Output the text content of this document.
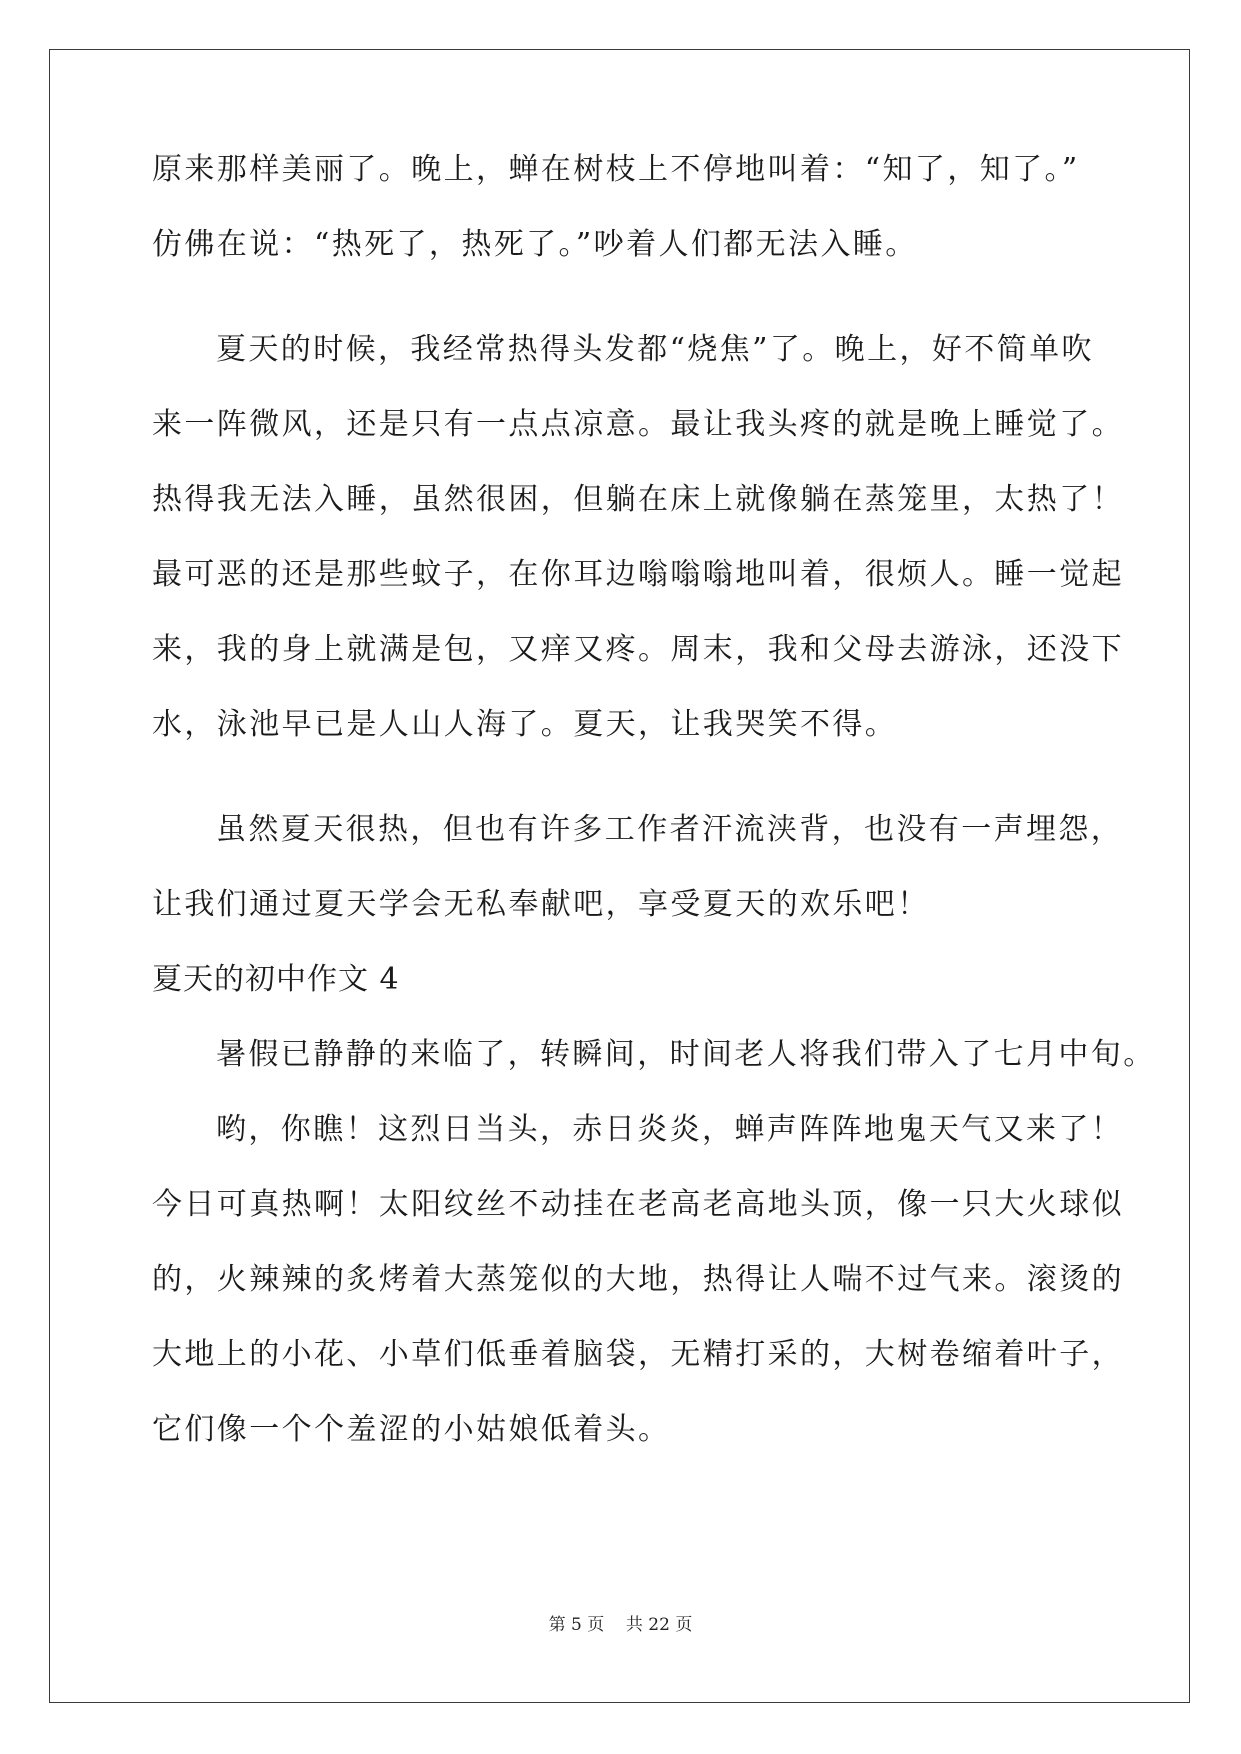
原来那样美丽了。晚上，蝉在树枝上不停地叫着：“知了，知了。”
仿佛在说：“热死了，热死了。”吵着人们都无法入睡。
夏天的时候，我经常热得头发都“烧焦”了。晚上，好不简单吹
来一阵微风，还是只有一点点凉意。最让我头疼的就是晚上睡觉了。
热得我无法入睡，虽然很困，但躺在床上就像躺在蒸笼里，太热了！
最可恶的还是那些蚊子，在你耳边嗡嗡嗡地叫着，很烦人。睡一觉起
来，我的身上就满是包，又痒又疼。周末，我和父母去游泳，还没下
水，泳池早已是人山人海了。夏天，让我哭笑不得。
虽然夏天很热，但也有许多工作者汗流浃背，也没有一声埋怨，
让我们通过夏天学会无私奉献吧，享受夏天的欢乐吧！
夏天的初中作文 4
暑假已静静的来临了，转瞬间，时间老人将我们带入了七月中旬。
哟，你瞧！这烈日当头，赤日炎炎，蝉声阵阵地鬼天气又来了！
今日可真热啊！太阳纹丝不动挂在老高老高地头顶，像一只大火球似
的，火辣辣的炙烤着大蒸笼似的大地，热得让人喘不过气来。滚烫的
大地上的小花、小草们低垂着脑袋，无精打采的，大树卷缩着叶子，
它们像一个个羞涩的小姑娘低着头。
第 5 页 共 22 页
